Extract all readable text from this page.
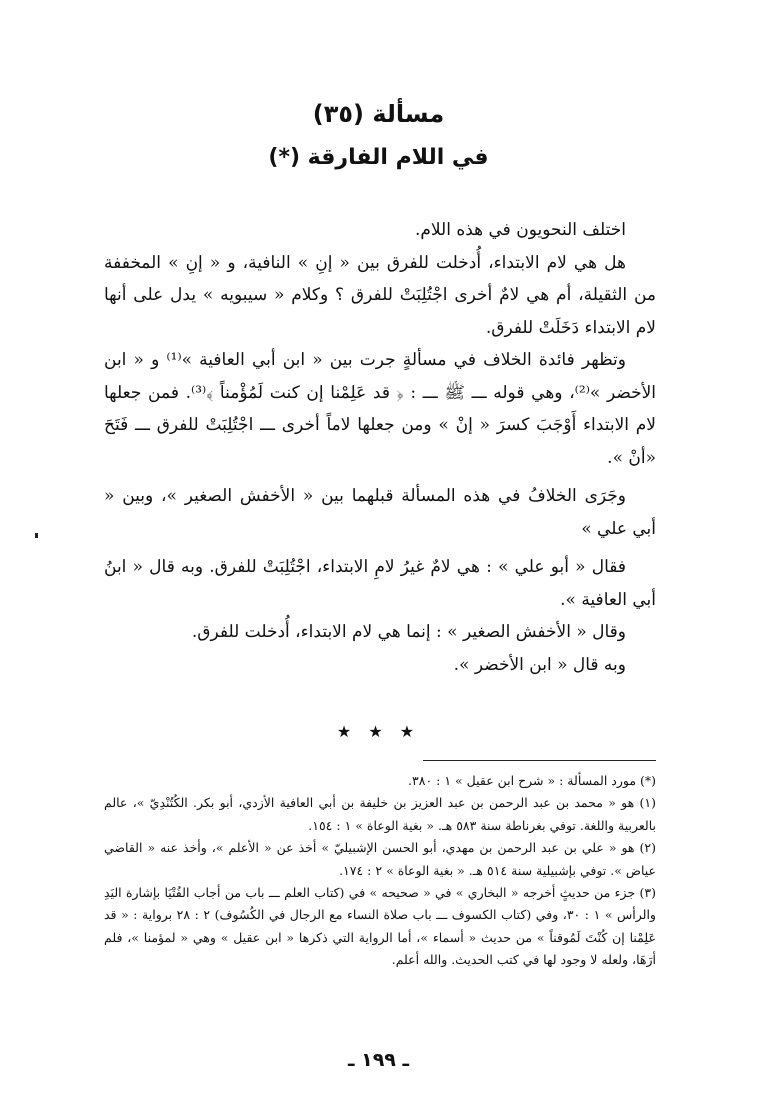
مسألة (٣٥)
في اللام الفارقة (*)

اختلف النحويون في هذه اللام.

هل هي لام الابتداء، أُدخلت للفرق بين « إنِ » النافية، و « إنِ » المخففة من الثقيلة، أم هي لامٌ أخرى اجْتُلِبَتْ للفرق ؟ وكلام « سيبويه » يدل على أنها لام الابتداء دَخَلَتْ للفرق.

وتظهر فائدة الخلاف في مسألةٍ جرت بين « ابن أبي العافية »⁽¹⁾ و « ابن الأخضر »⁽²⁾، وهي قوله ـــ ﷺ ـــ : ﴿ قد عَلِمْنا إن كنت لَمُؤْمناً ﴾⁽³⁾. فمن جعلها لام الابتداء أَوْجَبَ كسرَ « إنْ » ومن جعلها لاماً أخرى ـــ اجْتُلِبَتْ للفرق ـــ فَتَحَ «أنْ ».

وجَرَى الخلافُ في هذه المسألة قبلهما بين « الأخفش الصغير »، وبين « أبي علي »

فقال « أبو علي » : هي لامٌ غيرُ لامِ الابتداء، اجْتُلِبَتْ للفرق. وبه قال « ابنُ أبي العافية ».

وقال « الأخفش الصغير » : إنما هي لام الابتداء، أُدخلت للفرق.

وبه قال « ابن الأخضر ».

★ ★ ★

(*) مورد المسألة : « شرح ابن عقيل » ١ : ٣٨٠.

(١) هو « محمد بن عبد الرحمن بن عبد العزيز بن خليفة بن أبي العافية الأزدي، أبو بكر. الكُتُنْدِيّ »، عالم بالعربية واللغة. توفي بغرناطة سنة ٥٨٣ هـ. « بغية الوعاة » ١ : ١٥٤.

(٢) هو « علي بن عبد الرحمن بن مهدي، أبو الحسن الإشبيليّ » أخذ عن « الأعلم »، وأخذ عنه « القاضي عياض ». توفي بإشبيلية سنة ٥١٤ هـ. « بغية الوعاة » ٢ : ١٧٤.

(٣) جزء من حديثٍ أخرجه « البخاري » في « صحيحه » في (كتاب العلم ـــ باب من أجاب الفُتْيَا بإشارة اليَدِ والرأس » ١ : ٣٠، وفي (كتاب الكسوف ـــ باب صلاة النساء مع الرجال في الكُسُوف) ٢ : ٢٨ برواية : « قد عَلِمْنا إن كُنْتَ لَمُوقناً » من حديث « أسماء »، أما الرواية التي ذكرها « ابن عقيل » وهي « لمؤمنا »، فلم أرَهَا، ولعله لا وجود لها في كتب الحديث. والله أعلم.

ـ ١٩٩ ـ
